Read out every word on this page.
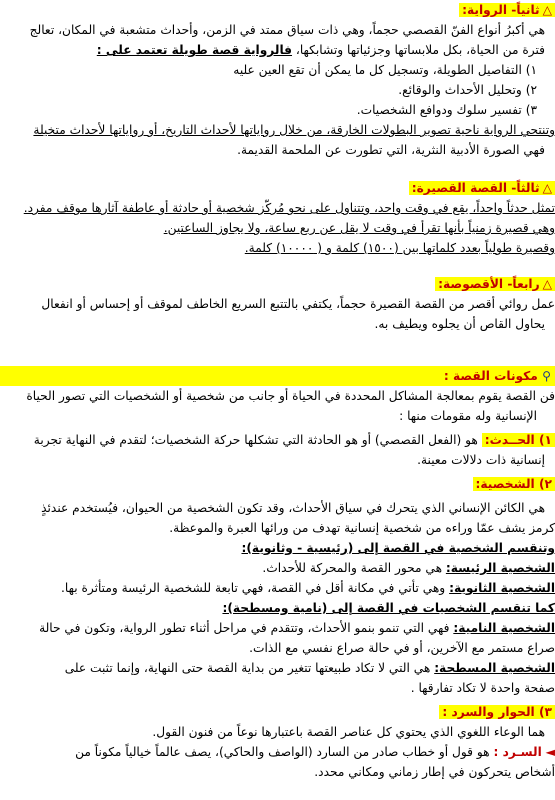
△ثانياً- الرواية:

هي أكبرُ أنواع الفنّ القصصي حجماً، وهي ذات سياق ممتد في الزمن، وأحداث متشعبة في المكان، تعالج

فترة من الحياة، بكل ملابساتها وجزئياتها وتشابكها، فالرواية قصة طويلة تعتمد على :

١) التفاصيل الطويلة، وتسجيل كل ما يمكن أن تقع العين عليه

٢) وتحليل الأحداث والوقائع.

٣) تفسير سلوك ودوافع الشخصيات.

وتنتحي الرواية ناحية تصوير البطولات الخارقة، من خلال رواياتها لأحداث التاريخ، أو رواياتها لأحداث متخيلة

فهي الصورة الأدبية النثرية، التي تطورت عن الملحمة القديمة.

△ثالثاً- القصة القصيرة:

تمثل حدثاً واحداً، يقع في وقت واحد، وتتناول على نحو مُركّز شخصية أو حادثة أو عاطفة آثارها موقف مفرد.

وهي قصيرة زمنياً بأنها تقرأ في وقت لا يقل عن ربع ساعة، ولا يجاوز الساعتين.

وقصيرة طولياً بعدد كلماتها بين (١٥٠٠) كلمة و ( ١٠٠٠٠) كلمة.

△رابعاً- الأقصوصة:

عمل روائي أقصر من القصة القصيرة حجماً، يكتفي بالتتبع السريع الخاطف لموقف أو إحساس أو انفعال

يحاول القاص أن يجلوه ويطيف به.

⚲ مكونات القصة :

فن القصة يقوم بمعالجة المشاكل المحددة في الحياة أو جانب من شخصية أو الشخصيات التي تصور الحياة

الإنسانية وله مقومات منها :

١) الحــدث: هو (الفعل القصصي) أو هو الحادثة التي تشكلها حركة الشخصيات؛ لتقدم في النهاية تجربة

إنسانية ذات دلالات معينة.

٢) الشخصية:

هي الكائن الإنساني الذي يتحرك في سياق الأحداث، وقد تكون الشخصية من الحيوان، فيُستخدم عندئذٍ

كرمز يشف عمّا وراءه من شخصية إنسانية تهدف من ورائها العبرة والموعظة.

وتنقسم الشخصية في القصة إلى (رئيسية - وثانوية):

الشخصية الرئيسة: هي محور القصة والمحركة للأحداث.

الشخصية الثانوية: وهي تأتي في مكانة أقل في القصة، فهي تابعة للشخصية الرئيسة ومتأثرة بها.

كما تنقسم الشخصيات في القصة إلى (نامية ومسطحة):

الشخصية النامية: فهي التي تنمو بنمو الأحداث، وتتقدم في مراحل أثناء تطور الرواية، وتكون في حالة

صراع مستمر مع الآخرين، أو في حالة صراع نفسي مع الذات.

الشخصية المسطحة: هي التي لا تكاد طبيعتها تتغير من بداية القصة حتى النهاية، وإنما تثبت على

صفحة واحدة لا تكاد تفارقها .

٣) الحوار والسرد :

هما الوعاء اللغوي الذي يحتوي كل عناصر القصة باعتبارها نوعاً من فنون القول.

◄ السـرد : هو قول أو خطاب صادر من السارد (الواصف والحاكي)، يصف عالماً خيالياً مكوناً من

أشخاص يتحركون في إطار زماني ومكاني محدد.
